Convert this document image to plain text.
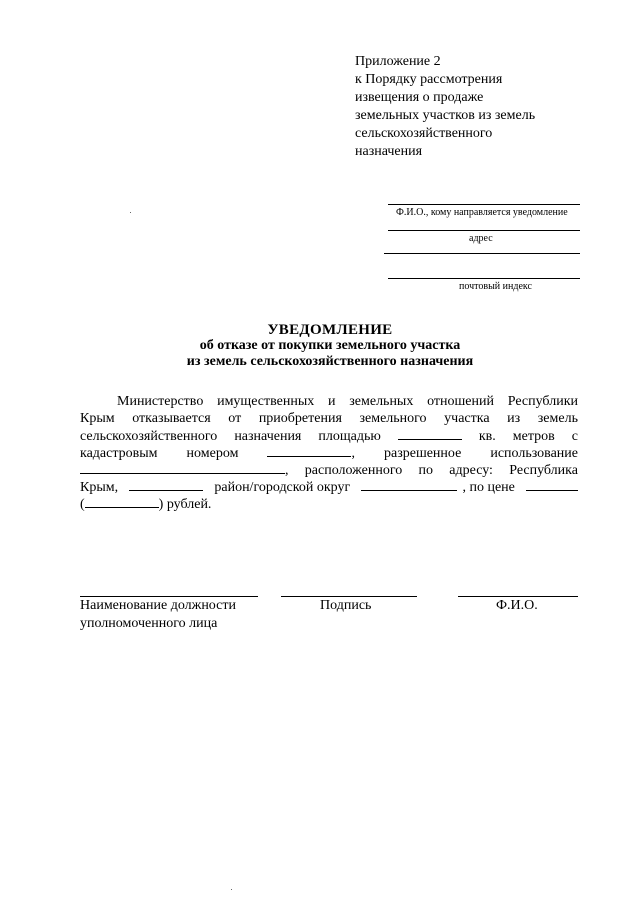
Приложение 2
к Порядку рассмотрения
извещения о продаже
земельных участков из земель
сельскохозяйственного
назначения
Ф.И.О., кому направляется уведомление
адрес
почтовый индекс
УВЕДОМЛЕНИЕ
об отказе от покупки земельного участка
из земель сельскохозяйственного назначения
Министерство имущественных и земельных отношений Республики
Крым отказывается от приобретения земельного участка из земель
сельскохозяйственного назначения площадью	кв. метров с
кадастровым номером	, разрешенное использование
, расположенного по адресу: Республика
Крым,	район/городской округ	, по цене
(	) рублей.
Наименование должности
уполномоченного лица
Подпись	Ф.И.О.
